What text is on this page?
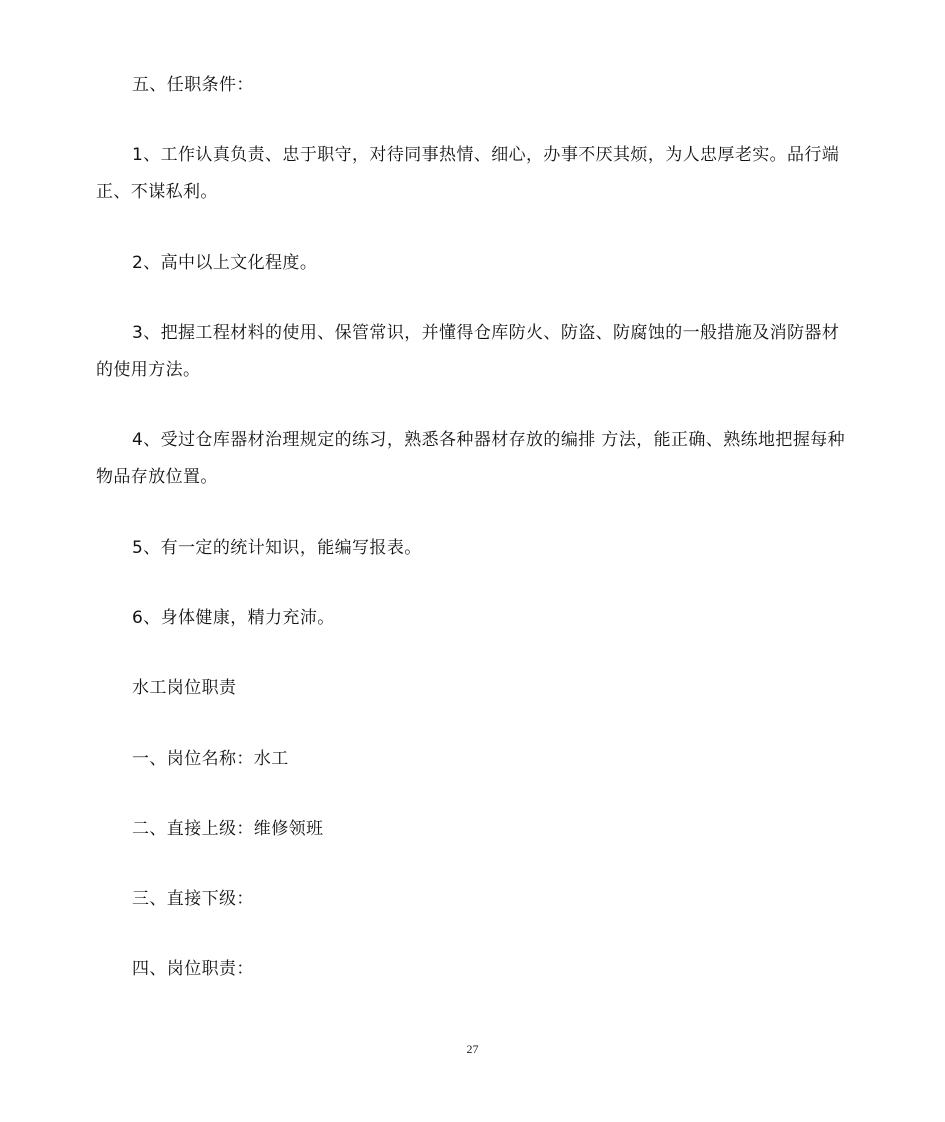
五、任职条件：

1、工作认真负责、忠于职守，对待同事热情、细心，办事不厌其烦，为人忠厚老实。品行端正、不谋私利。

2、高中以上文化程度。

3、把握工程材料的使用、保管常识，并懂得仓库防火、防盗、防腐蚀的一般措施及消防器材的使用方法。

4、受过仓库器材治理规定的练习，熟悉各种器材存放的编排 方法，能正确、熟练地把握每种物品存放位置。

5、有一定的统计知识，能编写报表。

6、身体健康，精力充沛。

水工岗位职责

一、岗位名称：水工

二、直接上级：维修领班

三、直接下级：

四、岗位职责：

27
